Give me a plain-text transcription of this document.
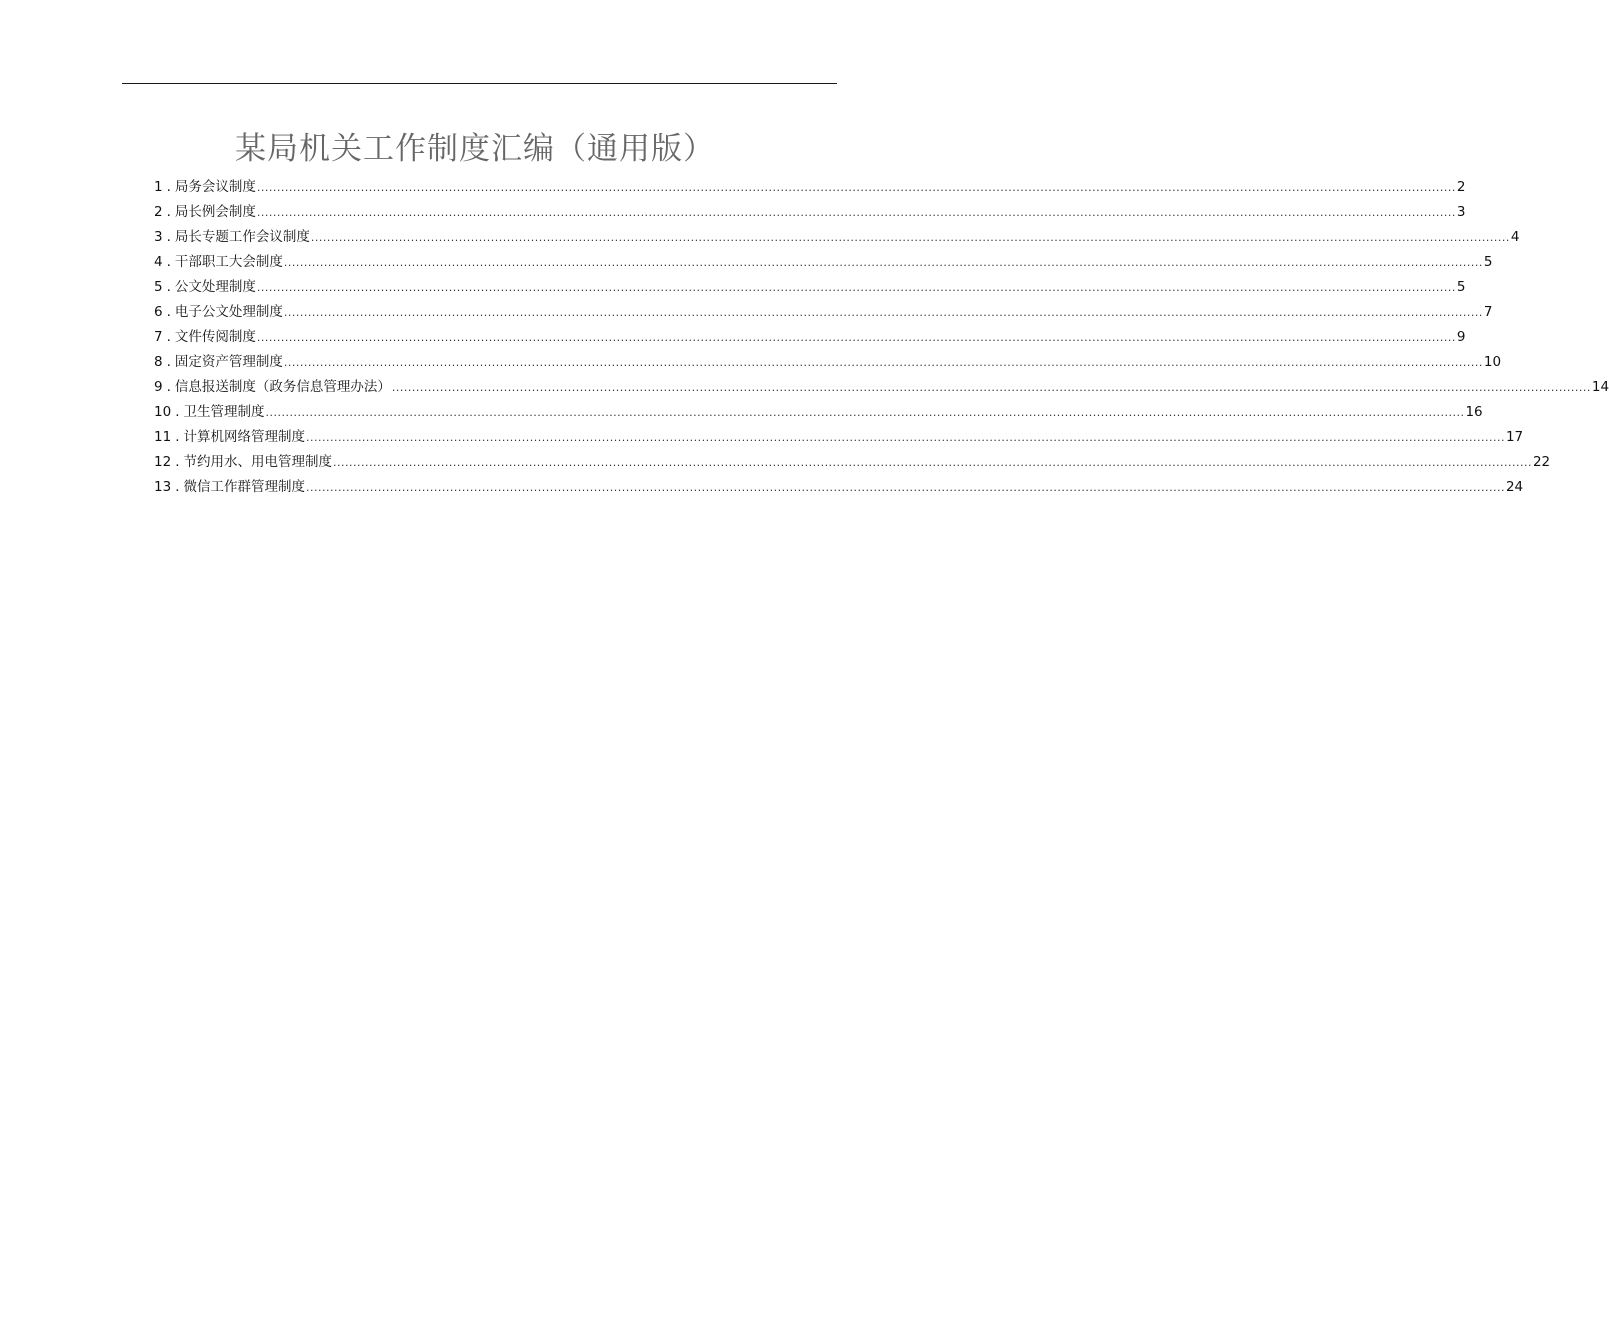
某局机关工作制度汇编（通用版）
1 . 局务会议制度 ............................................................................................................................................................................................................................................................................................................ 2
2 . 局长例会制度 ............................................................................................................................................................................................................................................................................................................ 3
3 . 局长专题工作会议制度 ............................................................................................................................................................................................................................................................................................................ 4
4 . 干部职工大会制度 ............................................................................................................................................................................................................................................................................................................ 5
5 . 公文处理制度 ............................................................................................................................................................................................................................................................................................................ 5
6 . 电子公文处理制度 ............................................................................................................................................................................................................................................................................................................ 7
7 . 文件传阅制度 ............................................................................................................................................................................................................................................................................................................ 9
8 . 固定资产管理制度 ............................................................................................................................................................................................................................................................................................................ 10
9 . 信息报送制度（政务信息管理办法） ............................................................................................................................................................................................................................................................................................................ 14
10 . 卫生管理制度 ............................................................................................................................................................................................................................................................................................................ 16
11 . 计算机网络管理制度 ............................................................................................................................................................................................................................................................................................................ 17
12 . 节约用水、用电管理制度 ............................................................................................................................................................................................................................................................................................................ 22
13 . 微信工作群管理制度 ............................................................................................................................................................................................................................................................................................................ 24
